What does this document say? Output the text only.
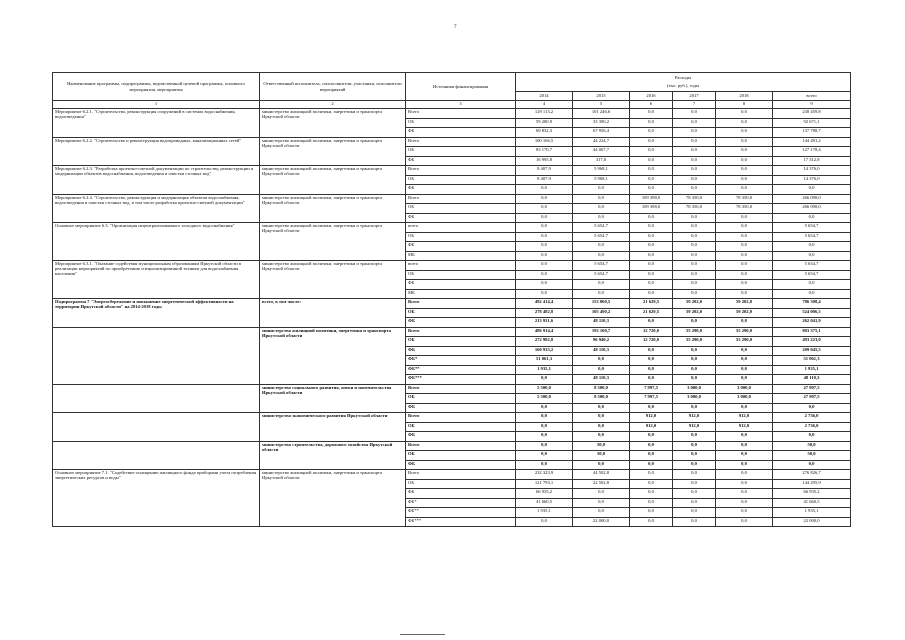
7
Наименование программы, подпрограммы, ведомственной целевой программы, основного мероприятия, мероприятия	Ответственный исполнитель, соисполнители, участники, исполнители мероприятий	Источники финансирования	Расходы					
			(тыс. руб.), годы					
			2014	2015	2016	2017	2018	всего
1	2	3	4	5	6	7	8	9
Мероприятие 6.2.1. "Строительство, реконструкция сооружений в системах водоснабжения, водоотведения"	министерство жилищной политики, энергетики и транспорта Иркутской области	Всего	129 113,2	101 246,6	0,0	0,0	0,0	230 459,8
		ОБ	59 280,9	33 390,2	0,0	0,0	0,0	92 671,1
		ФБ	69 832,3	67 956,4	0,0	0,0	0,0	137 788,7
Мероприятие 6.2.2. "Строительство и реконструкция водопроводных, канализационных сетей"	министерство жилищной политики, энергетики и транспорта Иркутской области	Всего	100 166,5	44 224,7	0,0	0,0	0,0	144 491,2
		ОБ	83 170,7	44 007,7	0,0	0,0	0,0	127 178,4
		ФБ	16 995,8	317,0	0,0	0,0	0,0	17 312,8
Мероприятие 6.2.3. "Разработка проектно-сметной документации по строительству, реконструкции и модернизации объектов водоснабжения, водоотведения и очистки сточных вод"	министерство жилищной политики, энергетики и транспорта Иркутской области	Всего	8 407,9	5 968,1	0,0	0,0	0,0	14 376,0
		ОБ	8 407,9	5 968,1	0,0	0,0	0,0	14 376,0
		ФБ	0,0	0,0	0,0	0,0	0,0	0,0
Мероприятие 6.2.4. "Строительство, реконструкция и модернизация объектов водоснабжения, водоотведения и очистки сточных вод, в том числе разработка проектно-сметной документации"	министерство жилищной политики, энергетики и транспорта Иркутской области	Всего	0,0	0,0	109 398,0	78 350,0	78 350,0	266 098,0
		ОБ	0,0	0,0	109 398,0	78 350,0	78 350,0	266 098,0
		ФБ	0,0	0,0	0,0	0,0	0,0	0,0
Основное мероприятие 6.3. "Организация нецентрализованного холодного водоснабжения"	министерство жилищной политики, энергетики и транспорта Иркутской области	всего	0,0	5 654,7	0,0	0,0	0,0	5 654,7
		ОБ	0,0	5 654,7	0,0	0,0	0,0	5 654,7
		ФБ	0,0	0,0	0,0	0,0	0,0	0,0
		МБ	0,0	0,0	0,0	0,0	0,0	0,0
Мероприятие 6.3.1. "Оказание содействия муниципальным образованиям Иркутской области в реализации мероприятий по приобретению специализированной техники для водоснабжения населения"	министерство жилищной политики, энергетики и транспорта Иркутской области	всего	0,0	5 654,7	0,0	0,0	0,0	5 654,7
		ОБ	0,0	5 654,7	0,0	0,0	0,0	5 654,7
		ФБ	0,0	0,0	0,0	0,0	0,0	0,0
		МБ	0,0	0,0	0,0	0,0	0,0	0,0
Подпрограмма 7 "Энергосбережение и повышение энергетической эффективности на территории Иркутской области" на 2014-2018 годы	всего, в том числе:	Всего	492 414,4	153 860,5	21 629,5	59 202,0	59 202,0	786 308,4
		ОБ	278 482,8	105 490,2	21 629,5	59 202,0	59 202,0	524 006,5
		ФБ	213 931,6	48 110,3	0,0	0,0	0,0	262 041,9
	министерство жилищной политики, энергетики и транспорта Иркутской области	Всего	486 914,4	193 160,7	12 720,0	55 290,0	55 290,0	803 375,1
		ОБ	272 982,8	96 940,2	12 720,0	55 290,0	55 290,0	493 223,0
		ФБ	160 935,2	48 110,3	0,0	0,0	0,0	209 045,5
		ФБ*	51 061,3	0,0	0,0	0,0	0,0	51 061,3
		ФБ**	1 935,1	0,0	0,0	0,0	0,0	1 935,1
		ФБ***	0,0	48 110,3	0,0	0,0	0,0	48 110,3
	министерство социального развития, опеки и попечительства Иркутской области	Всего	5 500,0	8 500,0	7 997,5	3 000,0	3 000,0	27 997,5
		ОБ	5 500,0	8 500,0	7 997,5	3 000,0	3 000,0	27 997,5
		ФБ	0,0	0,0	0,0	0,0	0,0	0,0
	министерство экономического развития Иркутской области	Всего	0,0	0,0	912,0	912,0	912,0	2 736,0
		ОБ	0,0	0,0	912,0	912,0	912,0	2 736,0
		ФБ	0,0	0,0	0,0	0,0	0,0	0,0
	министерство строительства, дорожного хозяйства Иркутской области	Всего	0,0	50,0	0,0	0,0	0,0	50,0
		ОБ	0,0	50,0	0,0	0,0	0,0	50,0
		ФБ	0,0	0,0	0,0	0,0	0,0	0,0
Основное мероприятие 7.1. "Содействие оснащению жилищного фонда приборами учета потребления энергетических ресурсов и воды"	министерство жилищной политики, энергетики и транспорта Иркутской области	Всего	232 323,9	44 502,8	0,0	0,0	0,0	276 826,7
		ОБ	121 793,1	22 502,8	0,0	0,0	0,0	144 295,9
		ФБ	66 935,2	0,0	0,0	0,0	0,0	66 935,2
		ФБ*	41 660,5	0,0	0,0	0,0	0,0	41 660,5
		ФБ**	1 935,1	0,0	0,0	0,0	0,0	1 935,1
		ФБ***	0,0	22 000,0	0,0	0,0	0,0	22 000,0
